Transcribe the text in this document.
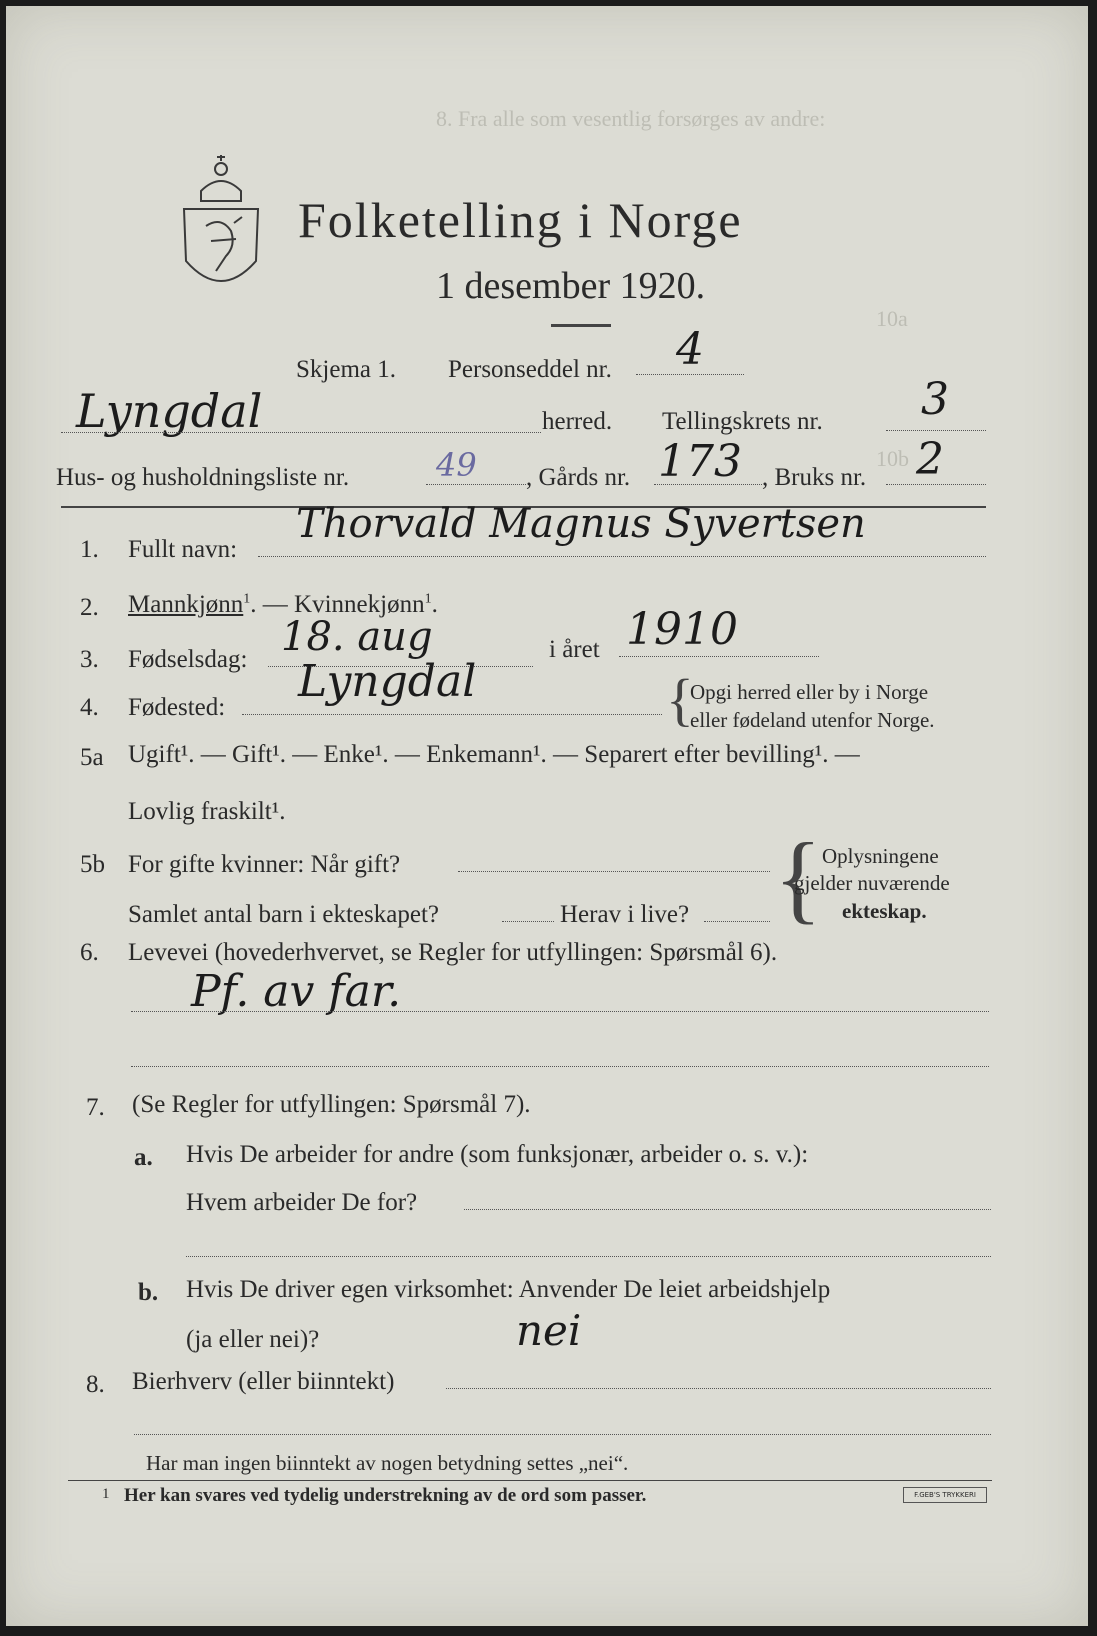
8. Fra alle som vesentlig forsørges av andre:
10a
10b
Folketelling i Norge
1 desember 1920.
Skjema 1. Personseddel nr. 4
Lyngdal	herred. Tellingskrets nr. 3
Hus- og husholdningsliste nr.	49 , Gårds nr. 173 , Bruks nr. 2
1. Fullt navn:
Thorvald Magnus Syvertsen
2. Mannkjønn$^1$. — Kvinnekjønn$^1$.
3. Fødselsdag: 18. aug	i året 1910
4. Fødested:
Lyngdal	{
Opgi herred eller by i Norge
eller fødeland utenfor Norge.
5a Ugift¹. — Gift¹. — Enke¹. — Enkemann¹. — Separert efter bevilling¹. —
Lovlig fraskilt¹.
5b For gifte kvinner: Når gift?
Samlet antal barn i ekteskapet?	Herav i live? { Oplysningene
gjelder nuværende
ekteskap.
6. Levevei (hovederhvervet, se Regler for utfyllingen: Spørsmål 6).
Pf. av far.
7. (Se Regler for utfyllingen: Spørsmål 7).
a. Hvis De arbeider for andre (som funksjonær, arbeider o. s. v.):
Hvem arbeider De for?
b. Hvis De driver egen virksomhet: Anvender De leiet arbeidshjelp
(ja eller nei)?	nei
8. Bierhverv (eller biinntekt)
Har man ingen biinntekt av nogen betydning settes „nei“.
1 Her kan svares ved tydelig understrekning av de ord som passer.	F.GEB'S TRYKKERI
